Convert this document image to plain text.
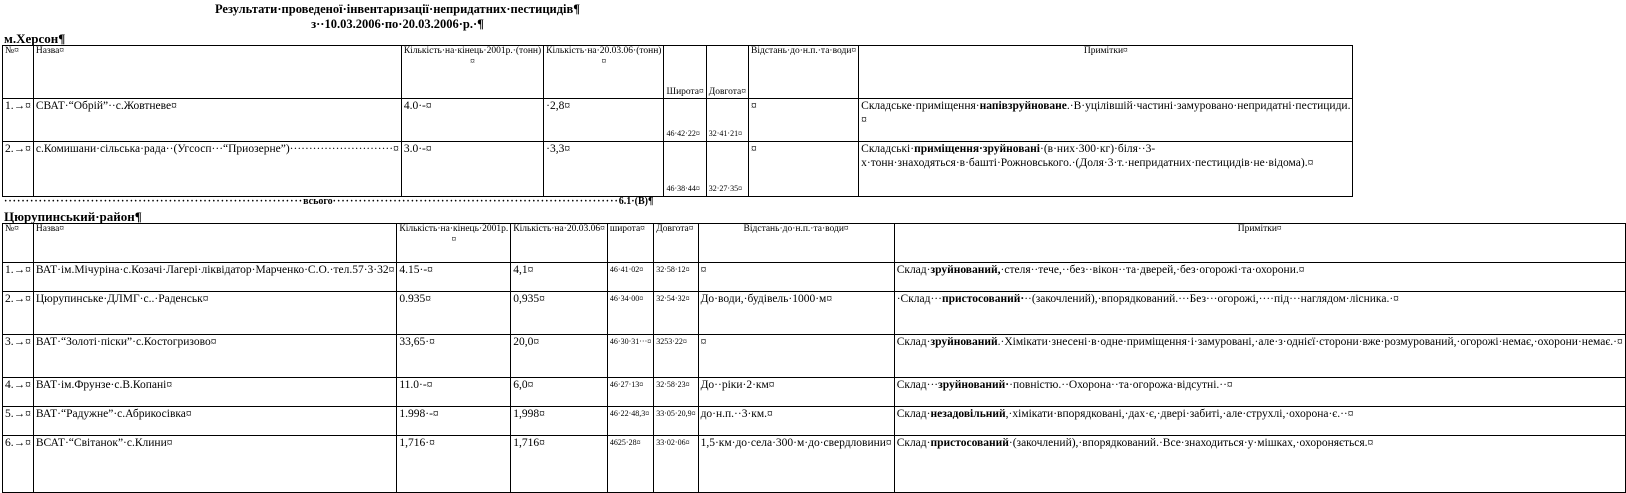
Результати·проведеної·інвентаризації·непридатних·пестицидів¶
з··10.03.2006·по·20.03.2006·р.·¶
м.Херсон¶
№¤	Назва¤	Кількість·на·кінець·2001р.·(тонн)¤	Кількість·на·20.03.06·(тонн)¤	Широта¤	Довгота¤	Відстань·до·н.п.·та·води¤	Примітки¤
1.→¤	СВАТ·“Обрій”··с.Жовтневе¤	4.0·-¤	·2,8¤	46·42·22¤	32·41·21¤	¤	Складське·приміщення·напівзруйноване.·В·уцілівшій·частині·замуровано·непридатні·пестициди.¤
2.→¤	с.Комишани·сільська·рада··(Угсосп···“Приозерне”)···························¤	3.0·-¤	·3,3¤	46·38·44¤	32·27·35¤	¤	Складські·приміщення·зруйновані·(в·них·300·кг)·біля··3-х·тонн·знаходяться·в·башті·Рожновського.·(Доля·3·т.·непридатних·пестицидів·не·відома).¤
·····································································всього··································································6.1·(В)¶
Цюрупинський·район¶
№¤	Назва¤	Кількість·на·кінець·2001р.¤	Кількість·на·20.03.06¤	широта¤	Довгота¤	Відстань·до·н.п.·та·води¤	Примітки¤
1.→¤	ВАТ·ім.Мічуріна·с.Козачі·Лагері·ліквідатор·Марченко·С.О.·тел.57·3·32¤	4.15·-¤	4,1¤	46·41·02¤	32·58·12¤	¤	Склад·зруйнований,·стеля··тече,··без··вікон··та·дверей,·без·огорожі·та·охорони.¤
2.→¤	Цюрупинське·ДЛМГ·с..·Раденськ¤	0.935¤	0,935¤	46·34·00¤	32·54·32¤	До·води,·будівель·1000·м¤	·Склад···пристосований···(закочлений),·впорядкований.···Без···огорожі,····під···наглядом·лісника.·¤
3.→¤	ВАТ·“Золоті·піски”·с.Костогризово¤	33,65·¤	20,0¤	46·30·31···¤	3253·22¤	¤	Склад·зруйнований.·Хімікати·знесені·в·одне·приміщення·і·замуровані,·але·з·однієї·сторони·вже·розмурований,·огорожі·немає,·охорони·немає.·¤
4.→¤	ВАТ·ім.Фрунзе·с.В.Копані¤	11.0·-¤	6,0¤	46·27·13¤	32·58·23¤	До··ріки·2·км¤	Склад···зруйнований··повністю.··Охорона··та·огорожа·відсутні.··¤
5.→¤	ВАТ·“Радужне”·с.Абрикосівка¤	1.998·-¤	1,998¤	46·22·48,3¤	33·05·20,9¤	до·н.п.··3·км.¤	Склад·незадовільний,·хімікати·впорядковані,·дах·є,·двері·забиті,·але·струхлі,·охорона·є.··¤
6.→¤	ВСАТ·“Світанок”·с.Клини¤	1,716·¤	1,716¤	4625·28¤	33·02·06¤	1,5·км·до·села·300·м·до·свердловини¤	Склад·пристосований·(закочлений),·впорядкований.·Все·знаходиться·у·мішках,·охороняється.¤
